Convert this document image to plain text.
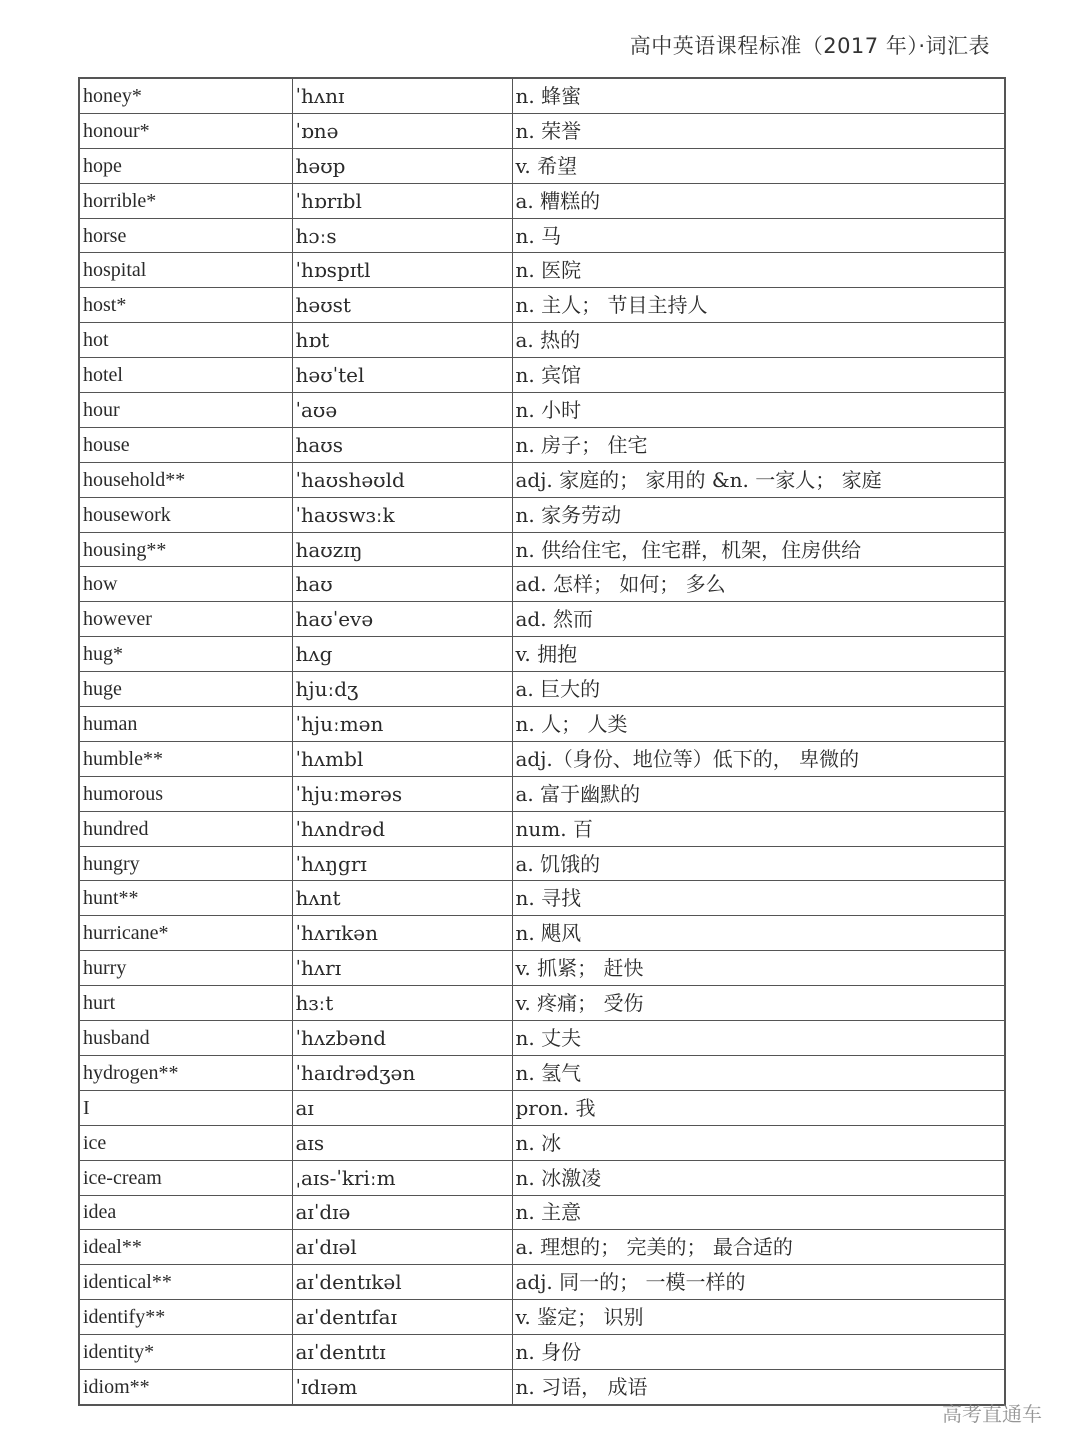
高中英语课程标准（2017 年）·词汇表
honey*	ˈhʌnɪ	n. 蜂蜜
honour*	ˈɒnə	n. 荣誉
hope	həʊp	v. 希望
horrible*	ˈhɒrɪbl	a. 糟糕的
horse	hɔːs	n. 马
hospital	ˈhɒspɪtl	n. 医院
host*	həʊst	n. 主人； 节目主持人
hot	hɒt	a. 热的
hotel	həʊˈtel	n. 宾馆
hour	ˈaʊə	n. 小时
house	haʊs	n. 房子； 住宅
household**	ˈhaʊshəʊld	adj. 家庭的； 家用的 &n. 一家人； 家庭
housework	ˈhaʊswɜːk	n. 家务劳动
housing**	haʊzɪŋ	n. 供给住宅，住宅群，机架，住房供给
how	haʊ	ad. 怎样； 如何； 多么
however	haʊˈevə	ad. 然而
hug*	hʌg	v. 拥抱
huge	hjuːdʒ	a. 巨大的
human	ˈhjuːmən	n. 人； 人类
humble**	ˈhʌmbl	adj.（身份、地位等）低下的， 卑微的
humorous	ˈhjuːmərəs	a. 富于幽默的
hundred	ˈhʌndrəd	num. 百
hungry	ˈhʌŋgrɪ	a. 饥饿的
hunt**	hʌnt	n. 寻找
hurricane*	ˈhʌrɪkən	n. 飓风
hurry	ˈhʌrɪ	v. 抓紧； 赶快
hurt	hɜːt	v. 疼痛； 受伤
husband	ˈhʌzbənd	n. 丈夫
hydrogen**	ˈhaɪdrədʒən	n. 氢气
I	aɪ	pron. 我
ice	aɪs	n. 冰
ice-cream	ˌaɪs-ˈkriːm	n. 冰激凌
idea	aɪˈdɪə	n. 主意
ideal**	aɪˈdɪəl	a. 理想的； 完美的； 最合适的
identical**	aɪˈdentɪkəl	adj. 同一的； 一模一样的
identify**	aɪˈdentɪfaɪ	v. 鉴定； 识别
identity*	aɪˈdentɪtɪ	n. 身份
idiom**	ˈɪdɪəm	n. 习语， 成语
高考直通车
